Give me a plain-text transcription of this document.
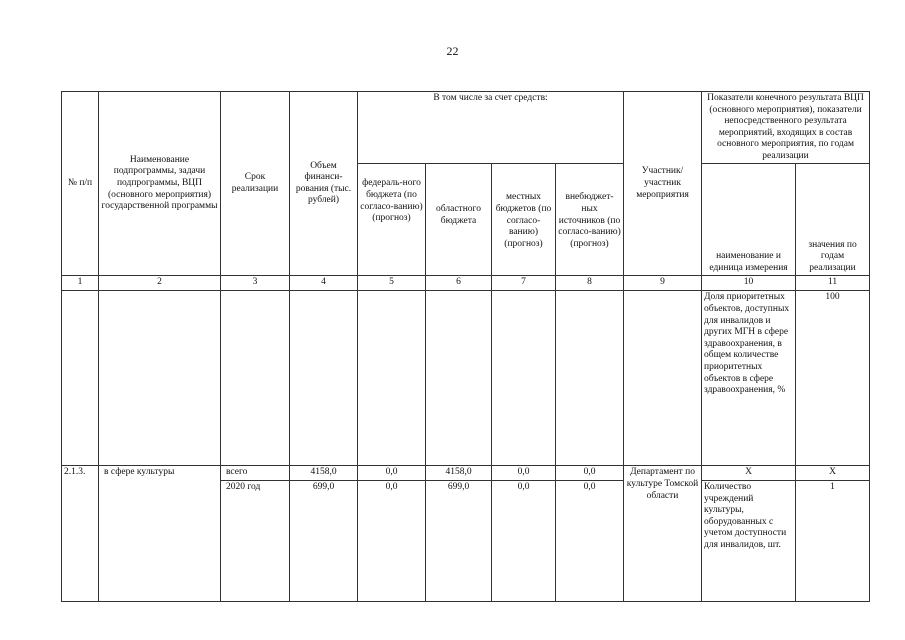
22
№ п/п	Наименование подпрограммы, задачи подпрограммы, ВЦП (основного мероприятия) государственной программы	Срок реализации	Объем финанси-рования (тыс. рублей)	В том числе за счет средств:				Участник/ участник мероприятия	Показатели конечного результата ВЦП (основного мероприятия), показатели непосредственного результата мероприятий, входящих в состав основного мероприятия, по годам реализации	
				федераль-ного бюджета (по согласо-ванию) (прогноз)	областного бюджета	местных бюджетов (по согласо-ванию) (прогноз)	внебюджет-ных источников (по согласо-ванию) (прогноз)		наименование и единица измерения	значения по годам реализации
1	2	3	4	5	6	7	8	9	10	11
									Доля приоритетных объектов, доступных для инвалидов и других МГН в сфере здравоохранения, в общем количестве приоритетных объектов в сфере здравоохранения, %	100
2.1.3.	в сфере культуры	всего	4158,0	0,0	4158,0	0,0	0,0	Департамент по культуре Томской области	Х	Х
		2020 год	699,0	0,0	699,0	0,0	0,0		Количество учреждений культуры, оборудованных с учетом доступности для инвалидов, шт.	1
